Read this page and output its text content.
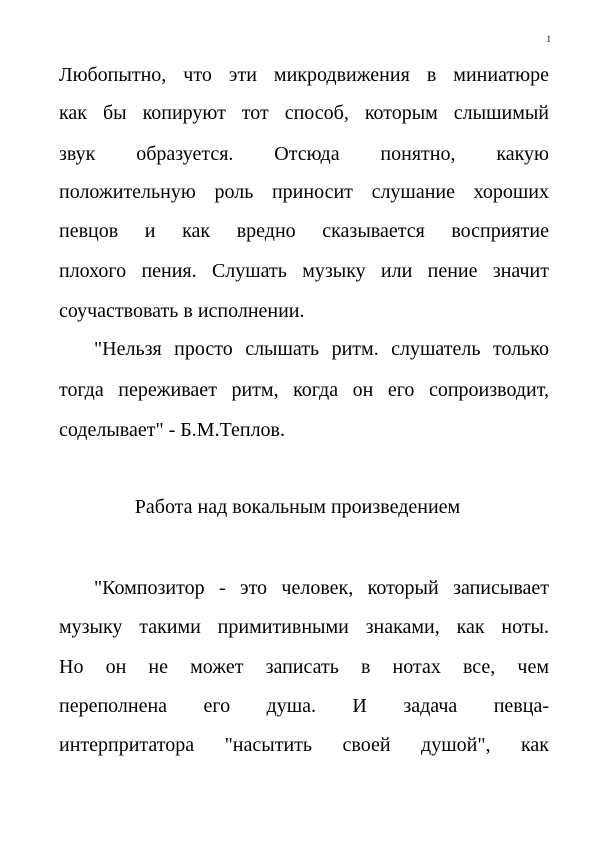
1
Любопытно, что эти микродвижения в миниатюре
как бы копируют тот способ, которым слышимый
звук образуется. Отсюда понятно, какую
положительную роль приносит слушание хороших
певцов и как вредно сказывается восприятие
плохого пения. Слушать музыку или пение значит
соучаствовать в исполнении.
"Нельзя просто слышать ритм. слушатель только
тогда переживает ритм, когда он его сопроизводит,
соделывает" - Б.М.Теплов.
Работа над вокальным произведением
"Композитор - это человек, который записывает
музыку такими примитивными знаками, как ноты.
Но он не может записать в нотах все, чем
переполнена его душа. И задача певца-
интерпритатора "насытить своей душой", как
